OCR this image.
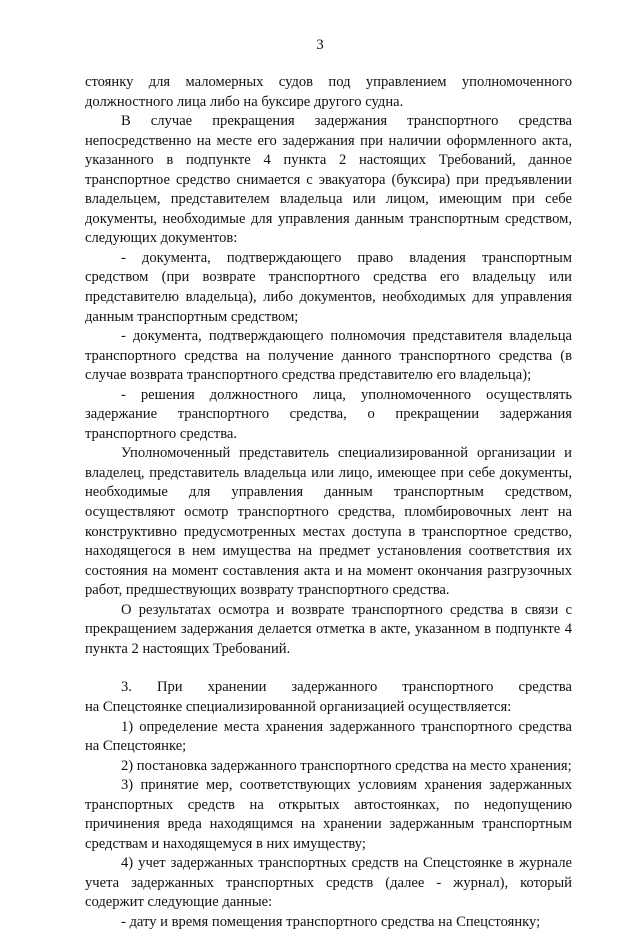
3

стоянку для маломерных судов под управлением уполномоченного должностного лица либо на буксире другого судна.

В случае прекращения задержания транспортного средства непосредственно на месте его задержания при наличии оформленного акта, указанного в подпункте 4 пункта 2 настоящих Требований, данное транспортное средство снимается с эвакуатора (буксира) при предъявлении владельцем, представителем владельца или лицом, имеющим при себе документы, необходимые для управления данным транспортным средством, следующих документов:

- документа, подтверждающего право владения транспортным средством (при возврате транспортного средства его владельцу или представителю владельца), либо документов, необходимых для управления данным транспортным средством;

- документа, подтверждающего полномочия представителя владельца транспортного средства на получение данного транспортного средства (в случае возврата транспортного средства представителю его владельца);

- решения должностного лица, уполномоченного осуществлять задержание транспортного средства, о прекращении задержания транспортного средства.

Уполномоченный представитель специализированной организации и владелец, представитель владельца или лицо, имеющее при себе документы, необходимые для управления данным транспортным средством, осуществляют осмотр транспортного средства, пломбировочных лент на конструктивно предусмотренных местах доступа в транспортное средство, находящегося в нем имущества на предмет установления соответствия их состояния на момент составления акта и на момент окончания разгрузочных работ, предшествующих возврату транспортного средства.

О результатах осмотра и возврате транспортного средства в связи с прекращением задержания делается отметка в акте, указанном в подпункте 4 пункта 2 настоящих Требований.

3. При хранении задержанного транспортного средства

на Спецстоянке специализированной организацией осуществляется:

1) определение места хранения задержанного транспортного средства на Спецстоянке;

2) постановка задержанного транспортного средства на место хранения;

3) принятие мер, соответствующих условиям хранения задержанных транспортных средств на открытых автостоянках, по недопущению причинения вреда находящимся на хранении задержанным транспортным средствам и находящемуся в них имуществу;

4) учет задержанных транспортных средств на Спецстоянке в журнале учета задержанных транспортных средств (далее - журнал), который содержит следующие данные:

- дату и время помещения транспортного средства на Спецстоянку;
